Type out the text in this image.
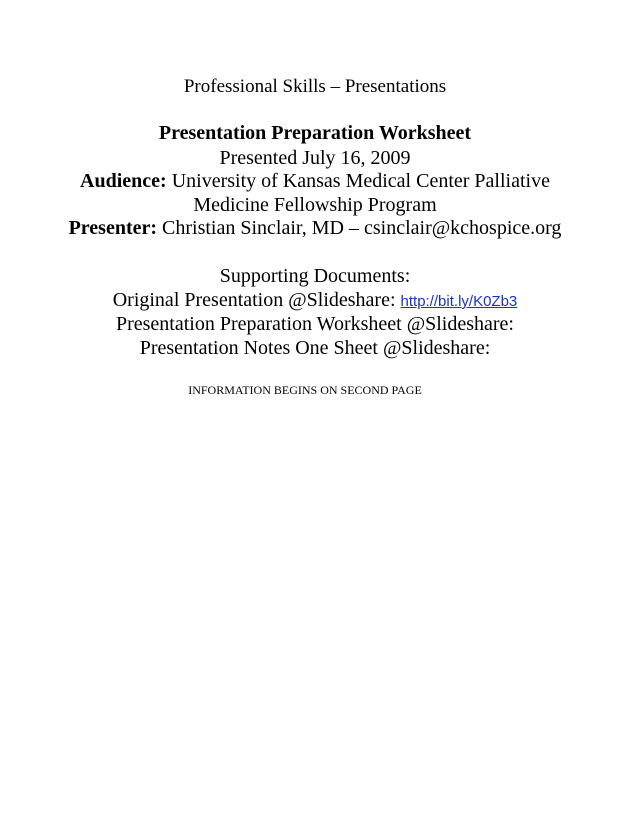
Professional Skills – Presentations
Presentation Preparation Worksheet
Presented July 16, 2009
Audience: University of Kansas Medical Center Palliative
Medicine Fellowship Program
Presenter: Christian Sinclair, MD – csinclair@kchospice.org
Supporting Documents:
Original Presentation @Slideshare: http://bit.ly/K0Zb3
Presentation Preparation Worksheet @Slideshare:
Presentation Notes One Sheet @Slideshare:
INFORMATION BEGINS ON SECOND PAGE
